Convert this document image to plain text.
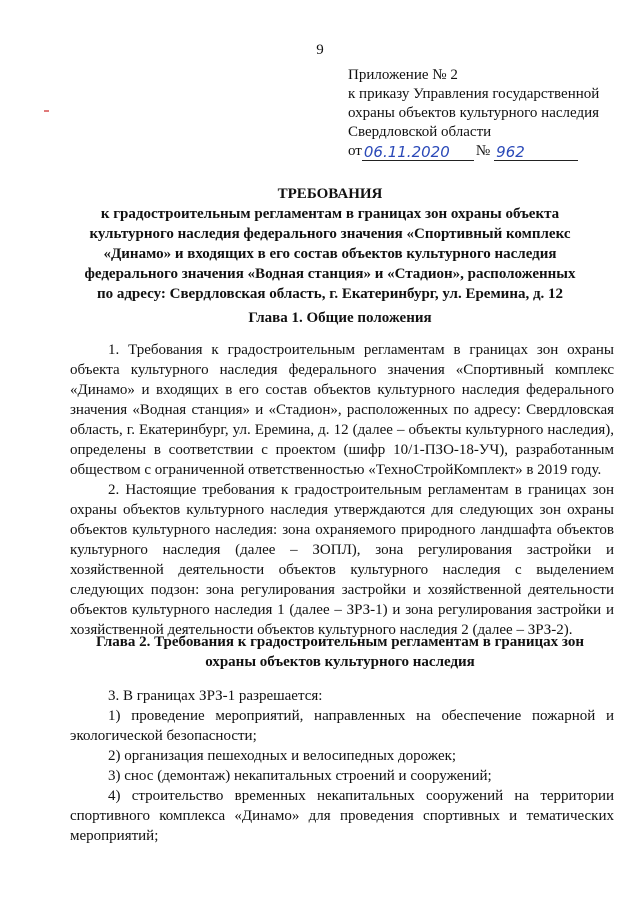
9
Приложение № 2
к приказу Управления государственной
охраны объектов культурного наследия
Свердловской области
от 06.11.2020	№ 962
ТРЕБОВАНИЯ
к градостроительным регламентам в границах зон охраны объекта
культурного наследия федерального значения «Спортивный комплекс
«Динамо» и входящих в его состав объектов культурного наследия
федерального значения «Водная станция» и «Стадион», расположенных
по адресу: Свердловская область, г. Екатеринбург, ул. Еремина, д. 12
Глава 1. Общие положения

1. Требования к градостроительным регламентам в границах зон охраны объекта культурного наследия федерального значения «Спортивный комплекс «Динамо» и входящих в его состав объектов культурного наследия федерального значения «Водная станция» и «Стадион», расположенных по адресу: Свердловская область, г. Екатеринбург, ул. Еремина, д. 12 (далее – объекты культурного наследия), определены в соответствии с проектом (шифр 10/1-ПЗО-18-УЧ), разработанным обществом с ограниченной ответственностью «ТехноСтройКомплект» в 2019 году.

2. Настоящие требования к градостроительным регламентам в границах зон охраны объектов культурного наследия утверждаются для следующих зон охраны объектов культурного наследия: зона охраняемого природного ландшафта объектов культурного наследия (далее – ЗОПЛ), зона регулирования застройки и хозяйственной деятельности объектов культурного наследия с выделением следующих подзон: зона регулирования застройки и хозяйственной деятельности объектов культурного наследия 1 (далее – ЗРЗ-1) и зона регулирования застройки и хозяйственной деятельности объектов культурного наследия 2 (далее – ЗРЗ-2).

Глава 2. Требования к градостроительным регламентам в границах зон
охраны объектов культурного наследия

3. В границах ЗРЗ-1 разрешается:

1) проведение мероприятий, направленных на обеспечение пожарной и экологической безопасности;

2) организация пешеходных и велосипедных дорожек;

3) снос (демонтаж) некапитальных строений и сооружений;

4) строительство временных некапитальных сооружений на территории спортивного комплекса «Динамо» для проведения спортивных и тематических мероприятий;
